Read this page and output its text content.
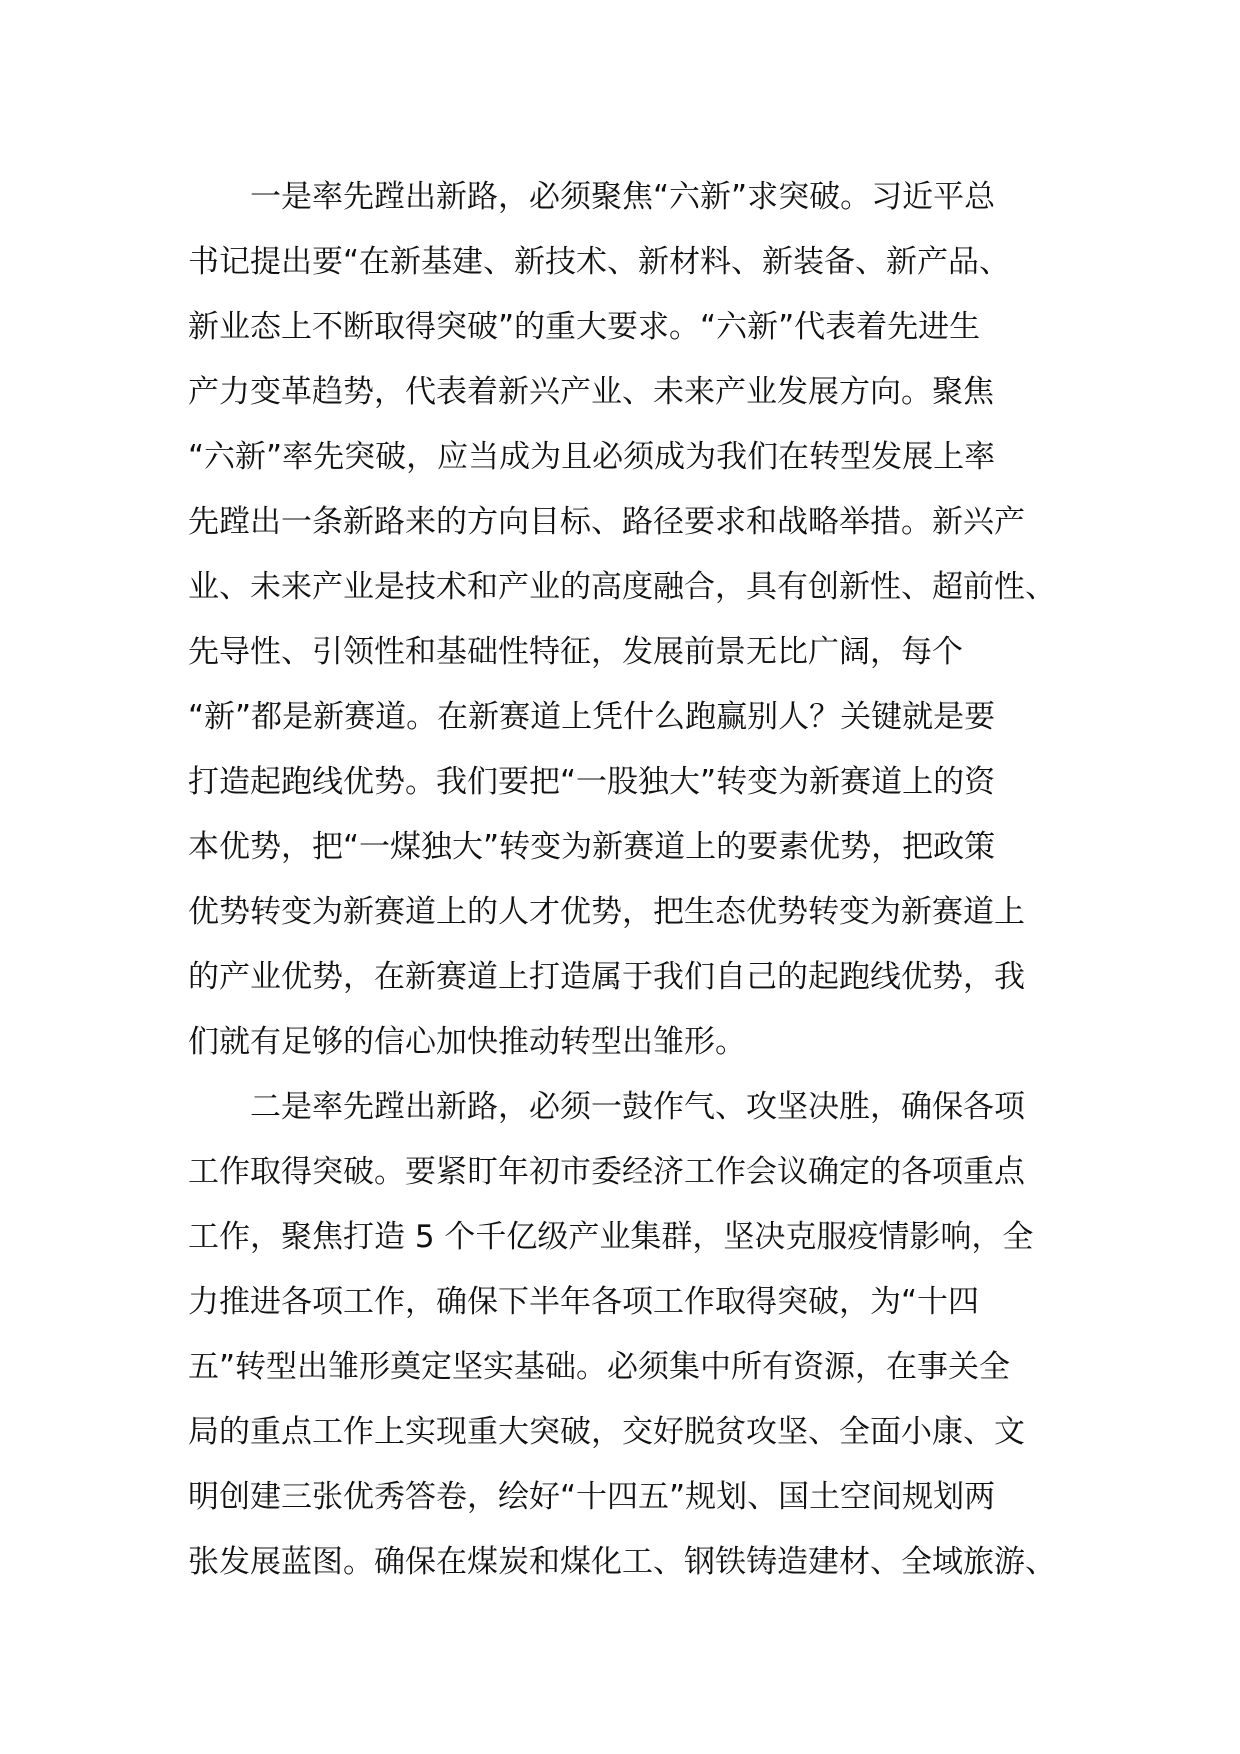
一是率先蹚出新路，必须聚焦“六新”求突破。习近平总
书记提出要“在新基建、新技术、新材料、新装备、新产品、
新业态上不断取得突破”的重大要求。“六新”代表着先进生
产力变革趋势，代表着新兴产业、未来产业发展方向。聚焦
“六新”率先突破，应当成为且必须成为我们在转型发展上率
先蹚出一条新路来的方向目标、路径要求和战略举措。新兴产
业、未来产业是技术和产业的高度融合，具有创新性、超前性、
先导性、引领性和基础性特征，发展前景无比广阔，每个
“新”都是新赛道。在新赛道上凭什么跑赢别人？关键就是要
打造起跑线优势。我们要把“一股独大”转变为新赛道上的资
本优势，把“一煤独大”转变为新赛道上的要素优势，把政策
优势转变为新赛道上的人才优势，把生态优势转变为新赛道上
的产业优势，在新赛道上打造属于我们自己的起跑线优势，我
们就有足够的信心加快推动转型出雏形。
二是率先蹚出新路，必须一鼓作气、攻坚决胜，确保各项
工作取得突破。要紧盯年初市委经济工作会议确定的各项重点
工作，聚焦打造 5 个千亿级产业集群，坚决克服疫情影响，全
力推进各项工作，确保下半年各项工作取得突破，为“十四
五”转型出雏形奠定坚实基础。必须集中所有资源，在事关全
局的重点工作上实现重大突破，交好脱贫攻坚、全面小康、文
明创建三张优秀答卷，绘好“十四五”规划、国土空间规划两
张发展蓝图。确保在煤炭和煤化工、钢铁铸造建材、全域旅游、
